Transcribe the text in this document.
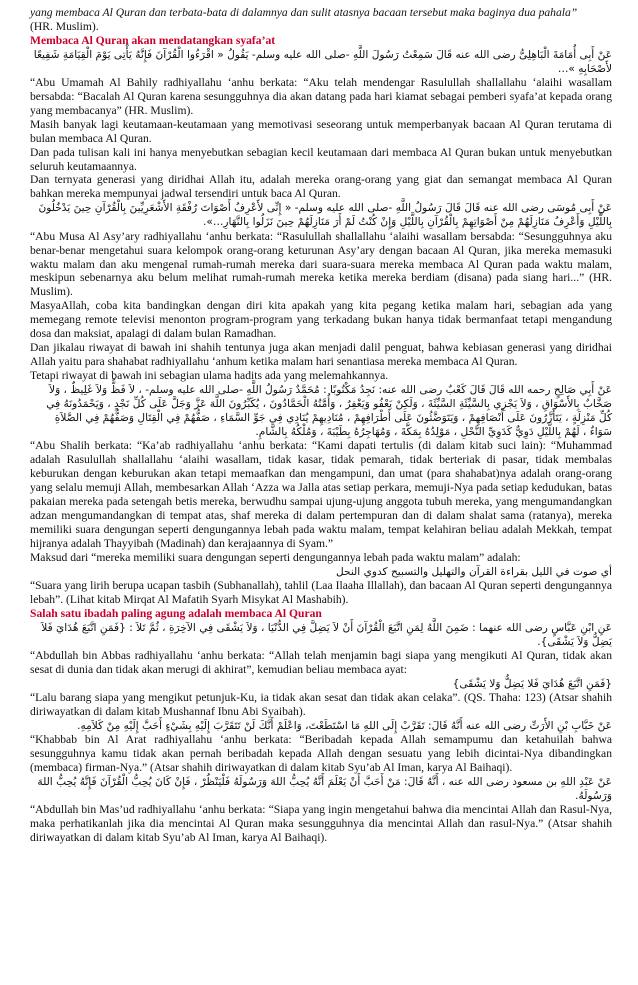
yang membaca Al Quran dan terbata-bata di dalamnya dan sulit atasnya bacaan tersebut maka baginya dua pahala”

(HR. Muslim).

Membaca Al Quran akan mendatangkan syafa’at

عَنْ أَبِى أُمَامَةَ الْبَاهِلِىُّ رضى الله عنه قَالَ سَمِعْتُ رَسُولَ اللَّهِ -صلى الله عليه وسلم- يَقُولُ « اقْرَءُوا الْقُرْآنَ فَإِنَّهُ يَأْتِى يَوْمَ الْقِيَامَةِ شَفِيعًا لأَصْحَابِهِ »…

“Abu Umamah Al Bahily radhiyallahu ‘anhu berkata: “Aku telah mendengar Rasulullah shallallahu ‘alaihi wasallam bersabda: “Bacalah Al Quran karena sesungguhnya dia akan datang pada hari kiamat sebagai pemberi syafa’at kepada orang yang membacanya” (HR. Muslim).

Masih banyak lagi keutamaan-keutamaan yang memotivasi seseorang untuk memperbanyak bacaan Al Quran terutama di bulan membaca Al Quran.

Dan pada tulisan kali ini hanya menyebutkan sebagian kecil keutamaan dari membaca Al Quran bukan untuk menyebutkan seluruh keutamaannya.

Dan ternyata generasi yang diridhai Allah itu, adalah mereka orang-orang yang giat dan semangat membaca Al Quran bahkan mereka mempunyai jadwal tersendiri untuk baca Al Quran.

عَنْ أَبِى مُوسَى رضى الله عنه قَالَ قَالَ رَسُولُ اللَّهِ -صلى الله عليه وسلم- « إِنِّى لأَعْرِفُ أَصْوَاتَ رُفْقَةِ الأَشْعَرِيِّينَ بِالْقُرْآنِ حِينَ يَدْخُلُونَ بِاللَّيْلِ وَأَعْرِفُ مَنَازِلَهُمْ مِنْ أَصْوَاتِهِمْ بِالْقُرْآنِ بِاللَّيْلِ وَإِنْ كُنْتُ لَمْ أَرَ مَنَازِلَهُمْ حِينَ نَزَلُوا بِالنَّهَارِ…».

“Abu Musa Al Asy’ary radhiyallahu ‘anhu berkata: “Rasulullah shallallahu ‘alaihi wasallam bersabda: “Sesungguhnya aku benar-benar mengetahui suara kelompok orang-orang keturunan Asy’ary dengan bacaan Al Quran, jika mereka memasuki waktu malam dan aku mengenal rumah-rumah mereka dari suara-suara mereka membaca Al Quran pada waktu malam, meskipun sebenarnya aku belum melihat rumah-rumah mereka ketika mereka berdiam (disana) pada siang hari...” (HR. Muslim).

MasyaAllah, coba kita bandingkan dengan diri kita apakah yang kita pegang ketika malam hari, sebagian ada yang memegang remote televisi menonton program-program yang terkadang bukan hanya tidak bermanfaat tetapi mengandung dosa dan maksiat, apalagi di dalam bulan Ramadhan.

Dan jikalau riwayat di bawah ini shahih tentunya juga akan menjadi dalil penguat, bahwa kebiasan generasi yang diridhai Allah yaitu para shahabat radhiyallahu ‘anhum ketika malam hari senantiasa mereka membaca Al Quran.

Tetapi riwayat di bawah ini sebagian ulama hadits ada yang melemahkannya.

عَنْ أَبِي صَالِحٍ رحمه الله قَالَ قَالَ كَعْبٌ رضى الله عنه: نَجِدُ مَكْتُوبًا : مُحَمَّدٌ رَسُولُ اللَّهِ -صلى الله عليه وسلم- ، لاَ فَظٌّ وَلاَ غَلِيظٌ ، وَلاَ صَخَّابٌ بِالأَسْوَاقِ ، وَلاَ يَجْزِي بِالسَّيِّئَةِ السَّيِّئَةَ ، وَلَكِنْ يَعْفُو وَيَغْفِرُ ، وَأُمَّتُهُ الْحَمَّادُونَ ، يُكَبِّرُونَ اللَّهَ عَزَّ وَجَلَّ عَلَى كُلِّ نَجْدٍ ، وَيَحْمَدُونَهُ فِي كُلِّ مَنْزِلَةٍ ، يَتَأَزَّرُونَ عَلَى أَنْصَافِهِمْ ، وَيَتَوَضَّئُونَ عَلَى أَطْرَافِهِمْ ، مُنَادِيهِمْ يُنَادِي فِي جَوِّ السَّمَاءِ ، صَفُّهُمْ فِي الْقِتَالِ وَصَفُّهُمْ فِي الصَّلاَةِ سَوَاءٌ ، لَهُمْ بِاللَّيْلِ دَوِيٌّ كَدَوِيِّ النَّحْلِ ، مَوْلِدُهُ بِمَكَّةَ ، وَمُهَاجِرُهُ بِطَيْبَةَ ، وَمُلْكُهُ بِالشَّامِ.

“Abu Shalih berkata: “Ka’ab radhiyallahu ‘anhu berkata: “Kami dapati tertulis (di dalam kitab suci lain): “Muhammad adalah Rasulullah shallallahu ‘alaihi wasallam, tidak kasar, tidak pemarah, tidak berteriak di pasar, tidak membalas keburukan dengan keburukan akan tetapi memaafkan dan mengampuni, dan umat (para shahabat)nya adalah orang-orang yang selalu memuji Allah, membesarkan Allah ‘Azza wa Jalla atas setiap perkara, memuji-Nya pada setiap kedudukan, batas pakaian mereka pada setengah betis mereka, berwudhu sampai ujung-ujung anggota tubuh mereka, yang mengumandangkan adzan mengumandangkan di tempat atas, shaf mereka di dalam pertempuran dan di dalam shalat sama (ratanya), mereka memiliki suara dengungan seperti dengungannya lebah pada waktu malam, tempat kelahiran beliau adalah Mekkah, tempat hijranya adalah Thayyibah (Madinah) dan kerajaannya di Syam.”

Maksud dari “mereka memiliki suara dengungan seperti dengungannya lebah pada waktu malam” adalah:

أي صوت في الليل بقراءة القرآن والتهليل والتسبيح كدوي النحل

“Suara yang lirih berupa ucapan tasbih (Subhanallah), tahlil (Laa Ilaaha Illallah), dan bacaan Al Quran seperti dengungannya lebah”. (Lihat kitab Mirqat Al Mafatih Syarh Misykat Al Mashabih).

Salah satu ibadah paling agung adalah membaca Al Quran

عَنِ ابْنِ عَبَّاسٍ رضى الله عنهما : ضَمِنَ اللَّهُ لِمَنِ اتَّبَعَ الْقُرْآنَ أَنْ لاَ يَضِلَّ فِي الدُّنْيَا ، وَلاَ يَشْقَى فِي الآخِرَةِ ، ثُمَّ تَلاَ : {فَمَنِ اتَّبَعَ هُدَايَ فَلاَ يَضِلُّ وَلاَ يَشْقَى}.

“Abdullah bin Abbas radhiyallahu ‘anhu berkata: “Allah telah menjamin bagi siapa yang mengikuti Al Quran, tidak akan sesat di dunia dan tidak akan merugi di akhirat”, kemudian beliau membaca ayat:

{فَمَنِ اتَّبَعَ هُدَايَ فَلا يَضِلُّ وَلا يَشْقَى}

“Lalu barang siapa yang mengikut petunjuk-Ku, ia tidak akan sesat dan tidak akan celaka”. (QS. Thaha: 123) (Atsar shahih diriwayatkan di dalam kitab Mushannaf Ibnu Abi Syaibah).

عَنْ خَبَّابِ بْنِ الأَرَتِّ رضى الله عنه أَنَّهُ قَالَ: تَقَرَّبْ إِلَى اللهِ مَا اسْتَطَعْتَ، وَاعْلَمْ أَنَّكَ لَنْ تَتَقَرَّبَ إِلَيْهِ بِشَيْءٍ أَحَبَّ إِلَيْهِ مِنْ كَلاَمِهِ.

“Khabbab bin Al Arat radhiyallahu ‘anhu berkata: “Beribadah kepada Allah semampumu dan ketahuilah bahwa sesungguhnya kamu tidak akan pernah beribadah kepada Allah dengan sesuatu yang lebih dicintai-Nya dibandingkan (membaca) firman-Nya.” (Atsar shahih diriwayatkan di dalam kitab Syu’ab Al Iman, karya Al Baihaqi).

عَنْ عَبْدِ اللهِ بن مسعود رضى الله عنه ، أَنَّهُ قَالَ: مَنْ أَحَبَّ أَنْ يَعْلَمَ أَنَّهُ يُحِبُّ اللهَ وَرَسُولَهُ فَلْيَنْظُرْ ، فَإِنْ كَانَ يُحِبُّ الْقُرْآنَ فَإِنَّهُ يُحِبُّ اللهَ وَرَسُولَهُ.

“Abdullah bin Mas’ud radhiyallahu ‘anhu berkata: “Siapa yang ingin mengetahui bahwa dia mencintai Allah dan Rasul-Nya, maka perhatikanlah jika dia mencintai Al Quran maka sesungguhnya dia mencintai Allah dan rasul-Nya.” (Atsar shahih diriwayatkan di dalam kitab Syu’ab Al Iman, karya Al Baihaqi).
